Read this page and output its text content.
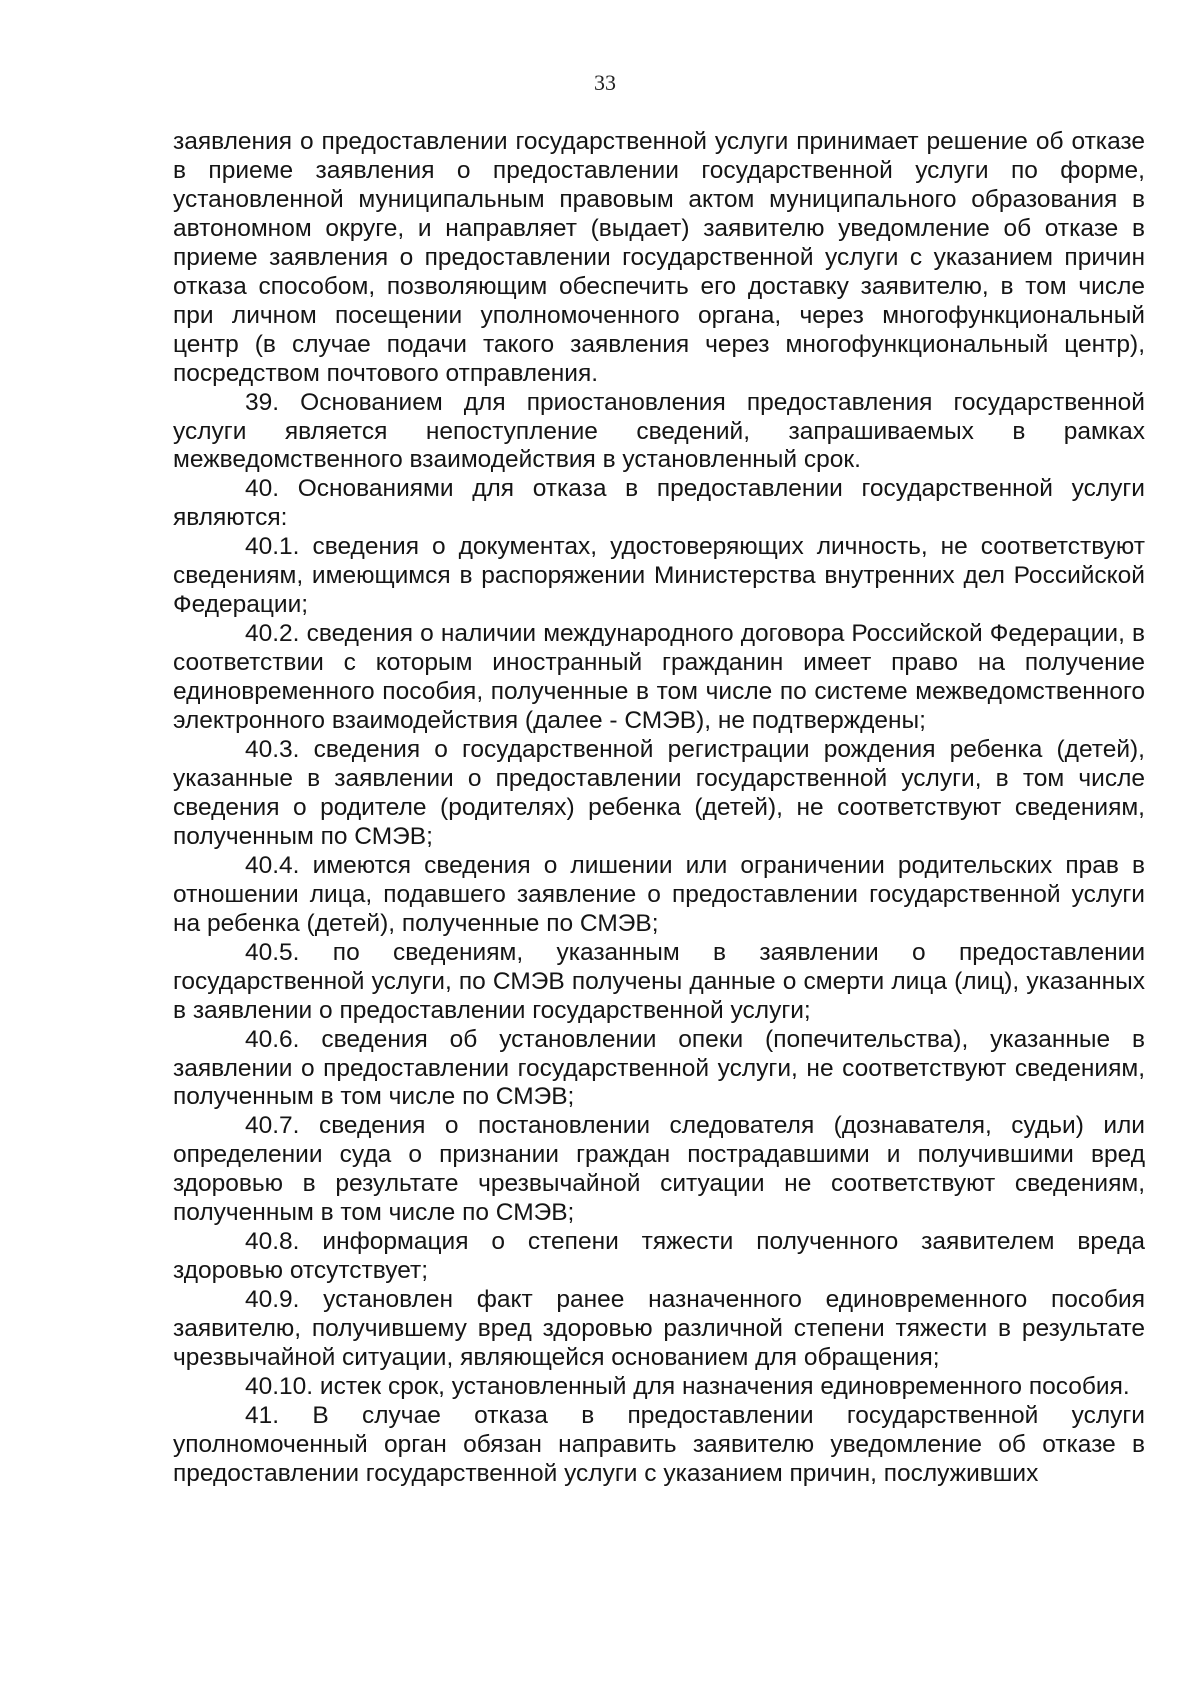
33

заявления о предоставлении государственной услуги принимает решение об отказе в приеме заявления о предоставлении государственной услуги по форме, установленной муниципальным правовым актом муниципального образования в автономном округе, и направляет (выдает) заявителю уведомление об отказе в приеме заявления о предоставлении государственной услуги с указанием причин отказа способом, позволяющим обеспечить его доставку заявителю, в том числе при личном посещении уполномоченного органа, через многофункциональный центр (в случае подачи такого заявления через многофункциональный центр), посредством почтового отправления.

39. Основанием для приостановления предоставления государственной услуги является непоступление сведений, запрашиваемых в рамках межведомственного взаимодействия в установленный срок.

40. Основаниями для отказа в предоставлении государственной услуги являются:

40.1. сведения о документах, удостоверяющих личность, не соответствуют сведениям, имеющимся в распоряжении Министерства внутренних дел Российской Федерации;

40.2. сведения о наличии международного договора Российской Федерации, в соответствии с которым иностранный гражданин имеет право на получение единовременного пособия, полученные в том числе по системе межведомственного электронного взаимодействия (далее - СМЭВ), не подтверждены;

40.3. сведения о государственной регистрации рождения ребенка (детей), указанные в заявлении о предоставлении государственной услуги, в том числе сведения о родителе (родителях) ребенка (детей), не соответствуют сведениям, полученным по СМЭВ;

40.4. имеются сведения о лишении или ограничении родительских прав в отношении лица, подавшего заявление о предоставлении государственной услуги на ребенка (детей), полученные по СМЭВ;

40.5. по сведениям, указанным в заявлении о предоставлении государственной услуги, по СМЭВ получены данные о смерти лица (лиц), указанных в заявлении о предоставлении государственной услуги;

40.6. сведения об установлении опеки (попечительства), указанные в заявлении о предоставлении государственной услуги, не соответствуют сведениям, полученным в том числе по СМЭВ;

40.7. сведения о постановлении следователя (дознавателя, судьи) или определении суда о признании граждан пострадавшими и получившими вред здоровью в результате чрезвычайной ситуации не соответствуют сведениям, полученным в том числе по СМЭВ;

40.8. информация о степени тяжести полученного заявителем вреда здоровью отсутствует;

40.9. установлен факт ранее назначенного единовременного пособия заявителю, получившему вред здоровью различной степени тяжести в результате чрезвычайной ситуации, являющейся основанием для обращения;

40.10. истек срок, установленный для назначения единовременного пособия.

41. В случае отказа в предоставлении государственной услуги уполномоченный орган обязан направить заявителю уведомление об отказе в предоставлении государственной услуги с указанием причин, послуживших
